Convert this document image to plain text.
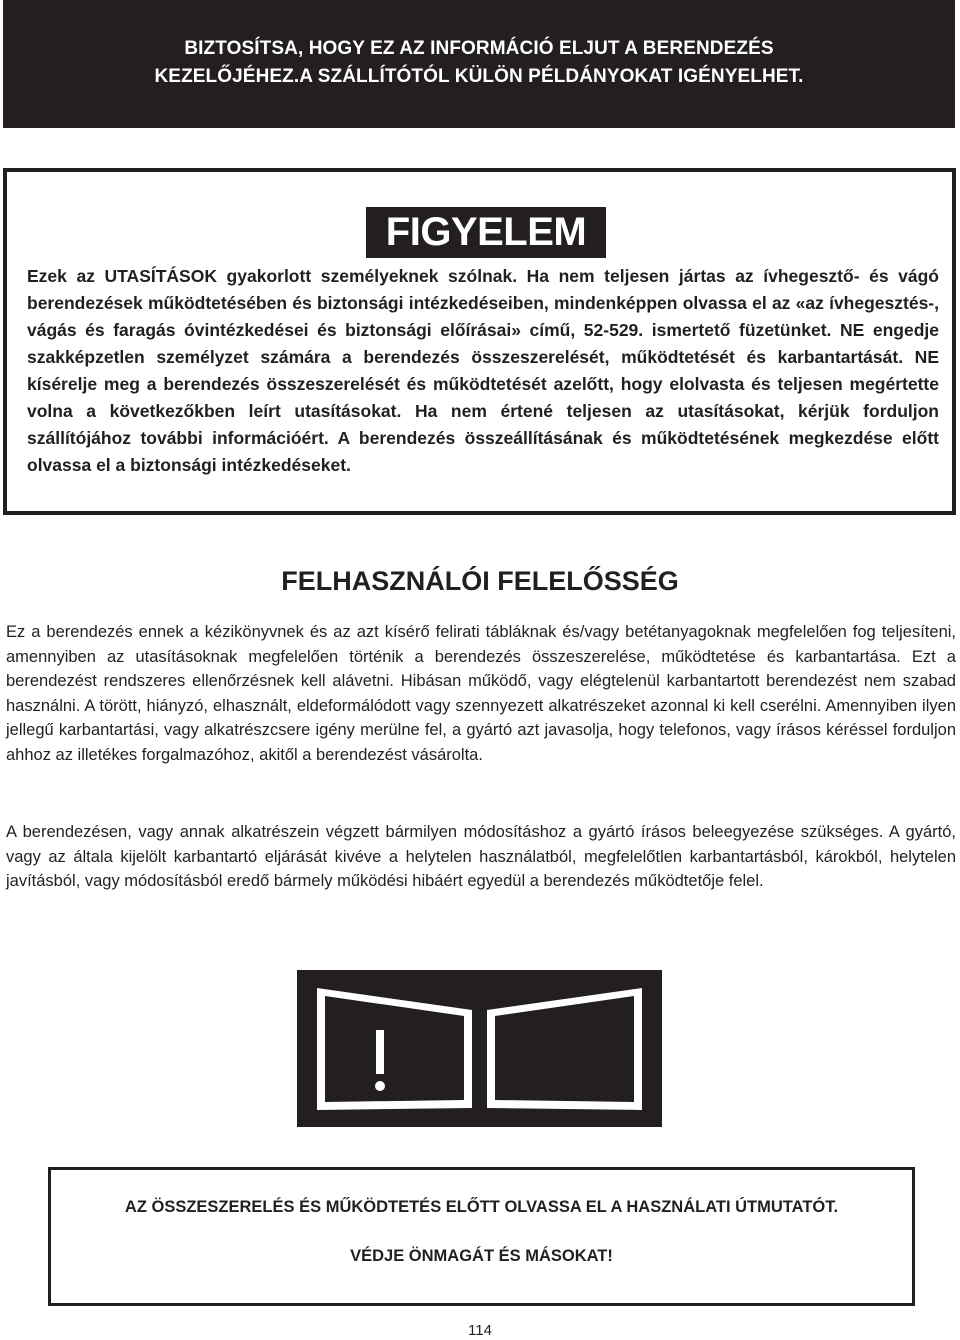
BIZTOSÍTSA, HOGY EZ AZ INFORMÁCIÓ ELJUT A BERENDEZÉS
KEZELŐJÉHEZ.A SZÁLLÍTÓTÓL KÜLÖN PÉLDÁNYOKAT IGÉNYELHET.
FIGYELEM

Ezek az UTASÍTÁSOK gyakorlott személyeknek szólnak. Ha nem teljesen jártas az ívhegesztő- és vágó berendezések működtetésében és biztonsági intézkedéseiben, mindenképpen olvassa el az «az ívhegesztés-, vágás és faragás óvintézkedései és biztonsági előírásai» című, 52-529. ismertető füzetünket. NE engedje szakképzetlen személyzet számára a berendezés összeszerelését, működtetését és karbantartását. NE kísérelje meg a berendezés összeszerelését és működtetését azelőtt, hogy elolvasta és teljesen megértette volna a következőkben leírt utasításokat. Ha nem értené teljesen az utasításokat, kérjük forduljon szállítójához további információért. A berendezés összeállításának és működtetésének megkezdése előtt olvassa el a biztonsági intézkedéseket.

FELHASZNÁLÓI FELELŐSSÉG

Ez a berendezés ennek a kézikönyvnek és az azt kísérő felirati tábláknak és/vagy betétanyagoknak megfelelően fog teljesíteni, amennyiben az utasításoknak megfelelően történik a berendezés összeszerelése, működtetése és karbantartása. Ezt a berendezést rendszeres ellenőrzésnek kell alávetni. Hibásan működő, vagy elégtelenül karbantartott berendezést nem szabad használni. A törött, hiányzó, elhasznált, eldeformálódott vagy szennyezett alkatrészeket azonnal ki kell cserélni. Amennyiben ilyen jellegű karbantartási, vagy alkatrészcsere igény merülne fel, a gyártó azt javasolja, hogy telefonos, vagy írásos kéréssel forduljon ahhoz az illetékes forgalmazóhoz, akitől a berendezést vásárolta.

A berendezésen, vagy annak alkatrészein végzett bármilyen módosításhoz a gyártó írásos beleegyezése szükséges. A gyártó, vagy az általa kijelölt karbantartó eljárását kivéve a helytelen használatból, megfelelőtlen karbantartásból, károkból, helytelen javításból, vagy módosításból eredő bármely működési hibáért egyedül a berendezés működtetője felel.

AZ ÖSSZESZERELÉS ÉS MŰKÖDTETÉS ELŐTT OLVASSA EL A HASZNÁLATI ÚTMUTATÓT.
VÉDJE ÖNMAGÁT ÉS MÁSOKAT!
114
